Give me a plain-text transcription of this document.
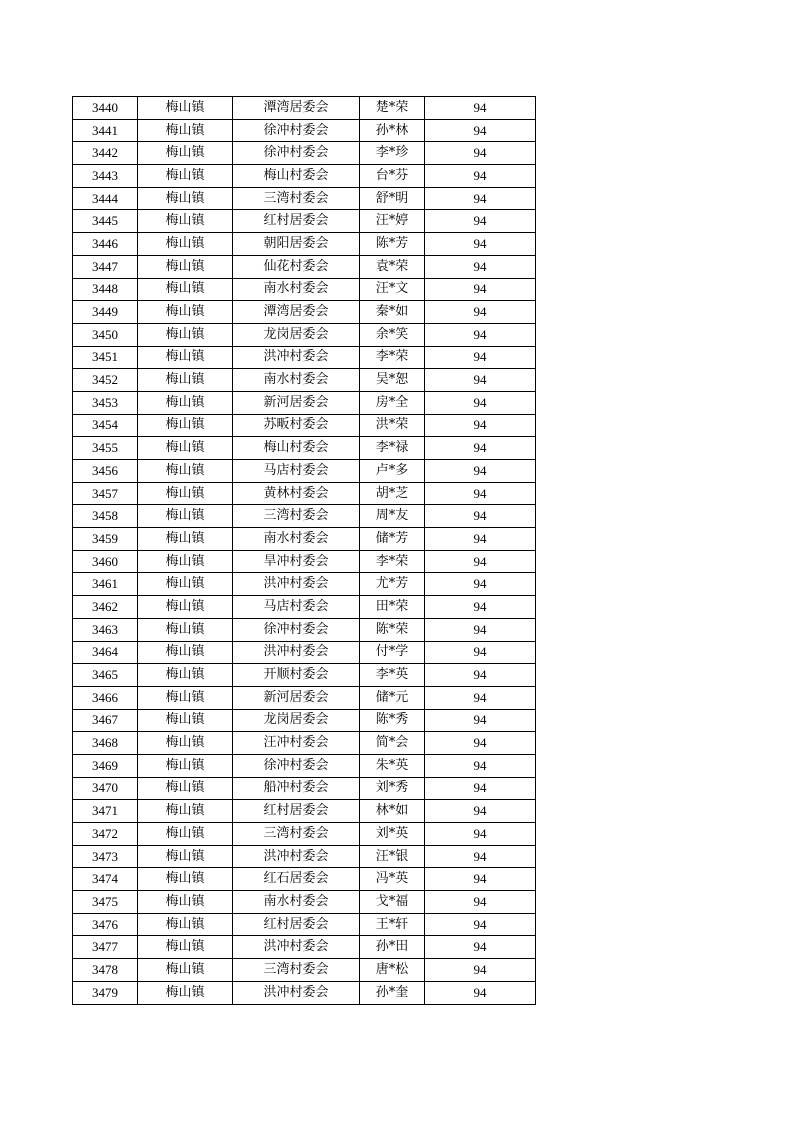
3440	梅山镇	潭湾居委会	楚*荣	94
3441	梅山镇	徐冲村委会	孙*林	94
3442	梅山镇	徐冲村委会	李*珍	94
3443	梅山镇	梅山村委会	台*芬	94
3444	梅山镇	三湾村委会	舒*明	94
3445	梅山镇	红村居委会	汪*婷	94
3446	梅山镇	朝阳居委会	陈*芳	94
3447	梅山镇	仙花村委会	袁*荣	94
3448	梅山镇	南水村委会	汪*文	94
3449	梅山镇	潭湾居委会	秦*如	94
3450	梅山镇	龙岗居委会	余*笑	94
3451	梅山镇	洪冲村委会	李*荣	94
3452	梅山镇	南水村委会	吴*恕	94
3453	梅山镇	新河居委会	房*全	94
3454	梅山镇	苏畈村委会	洪*荣	94
3455	梅山镇	梅山村委会	李*禄	94
3456	梅山镇	马店村委会	卢*多	94
3457	梅山镇	黄林村委会	胡*芝	94
3458	梅山镇	三湾村委会	周*友	94
3459	梅山镇	南水村委会	储*芳	94
3460	梅山镇	旱冲村委会	李*荣	94
3461	梅山镇	洪冲村委会	尤*芳	94
3462	梅山镇	马店村委会	田*荣	94
3463	梅山镇	徐冲村委会	陈*荣	94
3464	梅山镇	洪冲村委会	付*学	94
3465	梅山镇	开顺村委会	李*英	94
3466	梅山镇	新河居委会	储*元	94
3467	梅山镇	龙岗居委会	陈*秀	94
3468	梅山镇	汪冲村委会	简*会	94
3469	梅山镇	徐冲村委会	朱*英	94
3470	梅山镇	船冲村委会	刘*秀	94
3471	梅山镇	红村居委会	林*如	94
3472	梅山镇	三湾村委会	刘*英	94
3473	梅山镇	洪冲村委会	汪*银	94
3474	梅山镇	红石居委会	冯*英	94
3475	梅山镇	南水村委会	戈*福	94
3476	梅山镇	红村居委会	王*轩	94
3477	梅山镇	洪冲村委会	孙*田	94
3478	梅山镇	三湾村委会	唐*松	94
3479	梅山镇	洪冲村委会	孙*奎	94
